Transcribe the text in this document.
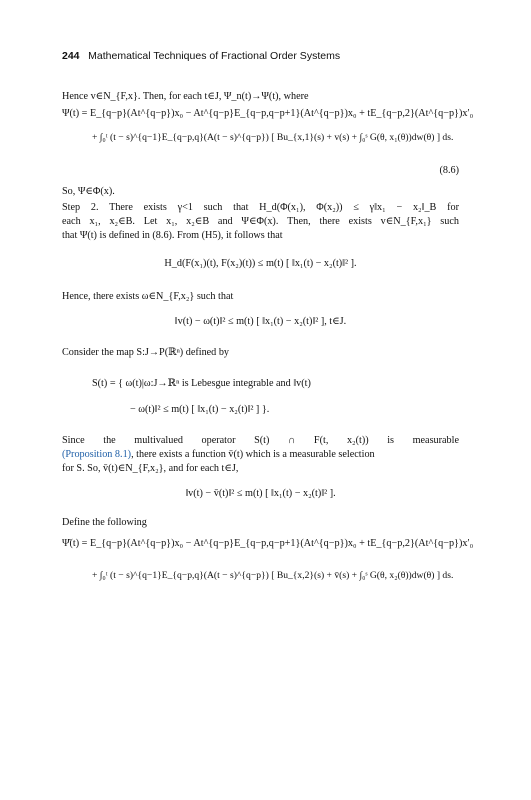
244 Mathematical Techniques of Fractional Order Systems
Hence v∈N_{F,x}. Then, for each t∈J, Ψ_n(t)→Ψ(t), where
Ψ(t) = E_{q−p}(At^{q−p})x₀ − At^{q−p}E_{q−p,q−p+1}(At^{q−p})x₀ + tE_{q−p,2}(At^{q−p})x′₀
+ ∫₀ᵗ (t − s)^{q−1}E_{q−p,q}(A(t − s)^{q−p}) [ Bu_{x,1}(s) + v(s) + ∫₀ˢ G(θ, x₁(θ))dw(θ) ] ds.
(8.6)
So, Ψ∈Φ(x).
Step 2. There exists γ<1 such that H_d(Φ(x₁), Φ(x₂)) ≤ γ‖x₁ − x₂‖_B for
each x₁, x₂∈B. Let x₁, x₂∈B and Ψ∈Φ(x). Then, there exists v∈N_{F,x₁} such
that Ψ(t) is defined in (8.6). From (H5), it follows that
H_d(F(x₁)(t), F(x₂)(t)) ≤ m(t) [ ‖x₁(t) − x₂(t)‖² ].
Hence, there exists ω∈N_{F,x₂} such that
‖v(t) − ω(t)‖² ≤ m(t) [ ‖x₁(t) − x₂(t)‖² ], t∈J.
Consider the map S:J→P(ℝⁿ) defined by
S(t) = { ω(t)|ω:J→ℝⁿ is Lebesgue integrable and ‖v(t)
− ω(t)‖² ≤ m(t) [ ‖x₁(t) − x₂(t)‖² ] }.
Since the multivalued operator S(t) ∩ F(t, x₂(t)) is measurable
(Proposition 8.1), there exists a function v̄(t) which is a measurable selection
for S. So, v̄(t)∈N_{F,x₂}, and for each t∈J,
‖v(t) − v̄(t)‖² ≤ m(t) [ ‖x₁(t) − x₂(t)‖² ].
Define the following
Ψ̄(t) = E_{q−p}(At^{q−p})x₀ − At^{q−p}E_{q−p,q−p+1}(At^{q−p})x₀ + tE_{q−p,2}(At^{q−p})x′₀
+ ∫₀ᵗ (t − s)^{q−1}E_{q−p,q}(A(t − s)^{q−p}) [ Bu_{x,2}(s) + v̄(s) + ∫₀ˢ G(θ, x₂(θ))dw(θ) ] ds.
